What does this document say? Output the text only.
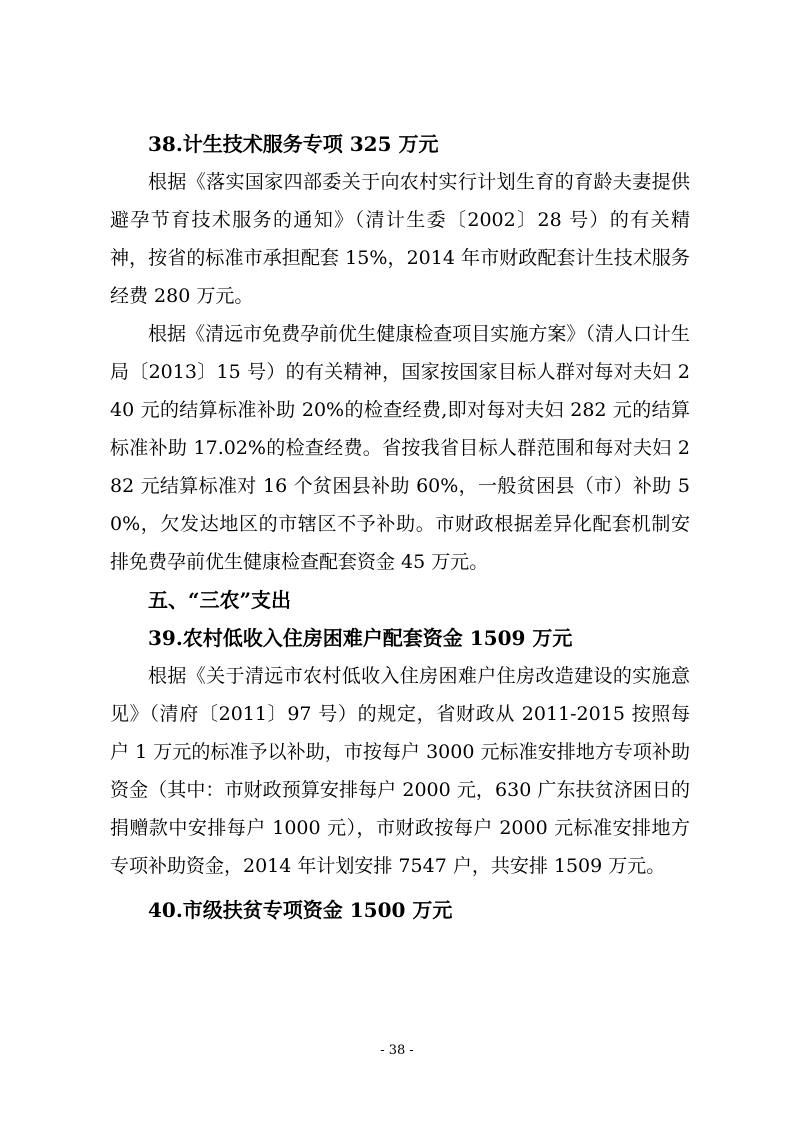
38.计生技术服务专项 325 万元

根据《落实国家四部委关于向农村实行计划生育的育龄夫妻提供避孕节育技术服务的通知》（清计生委〔2002〕28 号）的有关精神，按省的标准市承担配套 15%，2014 年市财政配套计生技术服务经费 280 万元。

根据《清远市免费孕前优生健康检查项目实施方案》（清人口计生局〔2013〕15 号）的有关精神，国家按国家目标人群对每对夫妇 240 元的结算标准补助 20%的检查经费,即对每对夫妇 282 元的结算标准补助 17.02%的检查经费。省按我省目标人群范围和每对夫妇 282 元结算标准对 16 个贫困县补助 60%，一般贫困县（市）补助 50%，欠发达地区的市辖区不予补助。市财政根据差异化配套机制安排免费孕前优生健康检查配套资金 45 万元。

五、“三农”支出

39.农村低收入住房困难户配套资金 1509 万元

根据《关于清远市农村低收入住房困难户住房改造建设的实施意见》（清府〔2011〕97 号）的规定，省财政从 2011-2015 按照每户 1 万元的标准予以补助，市按每户 3000 元标准安排地方专项补助资金（其中：市财政预算安排每户 2000 元，630 广东扶贫济困日的捐赠款中安排每户 1000 元），市财政按每户 2000 元标准安排地方专项补助资金，2014 年计划安排 7547 户，共安排 1509 万元。

40.市级扶贫专项资金 1500 万元

- 38 -
